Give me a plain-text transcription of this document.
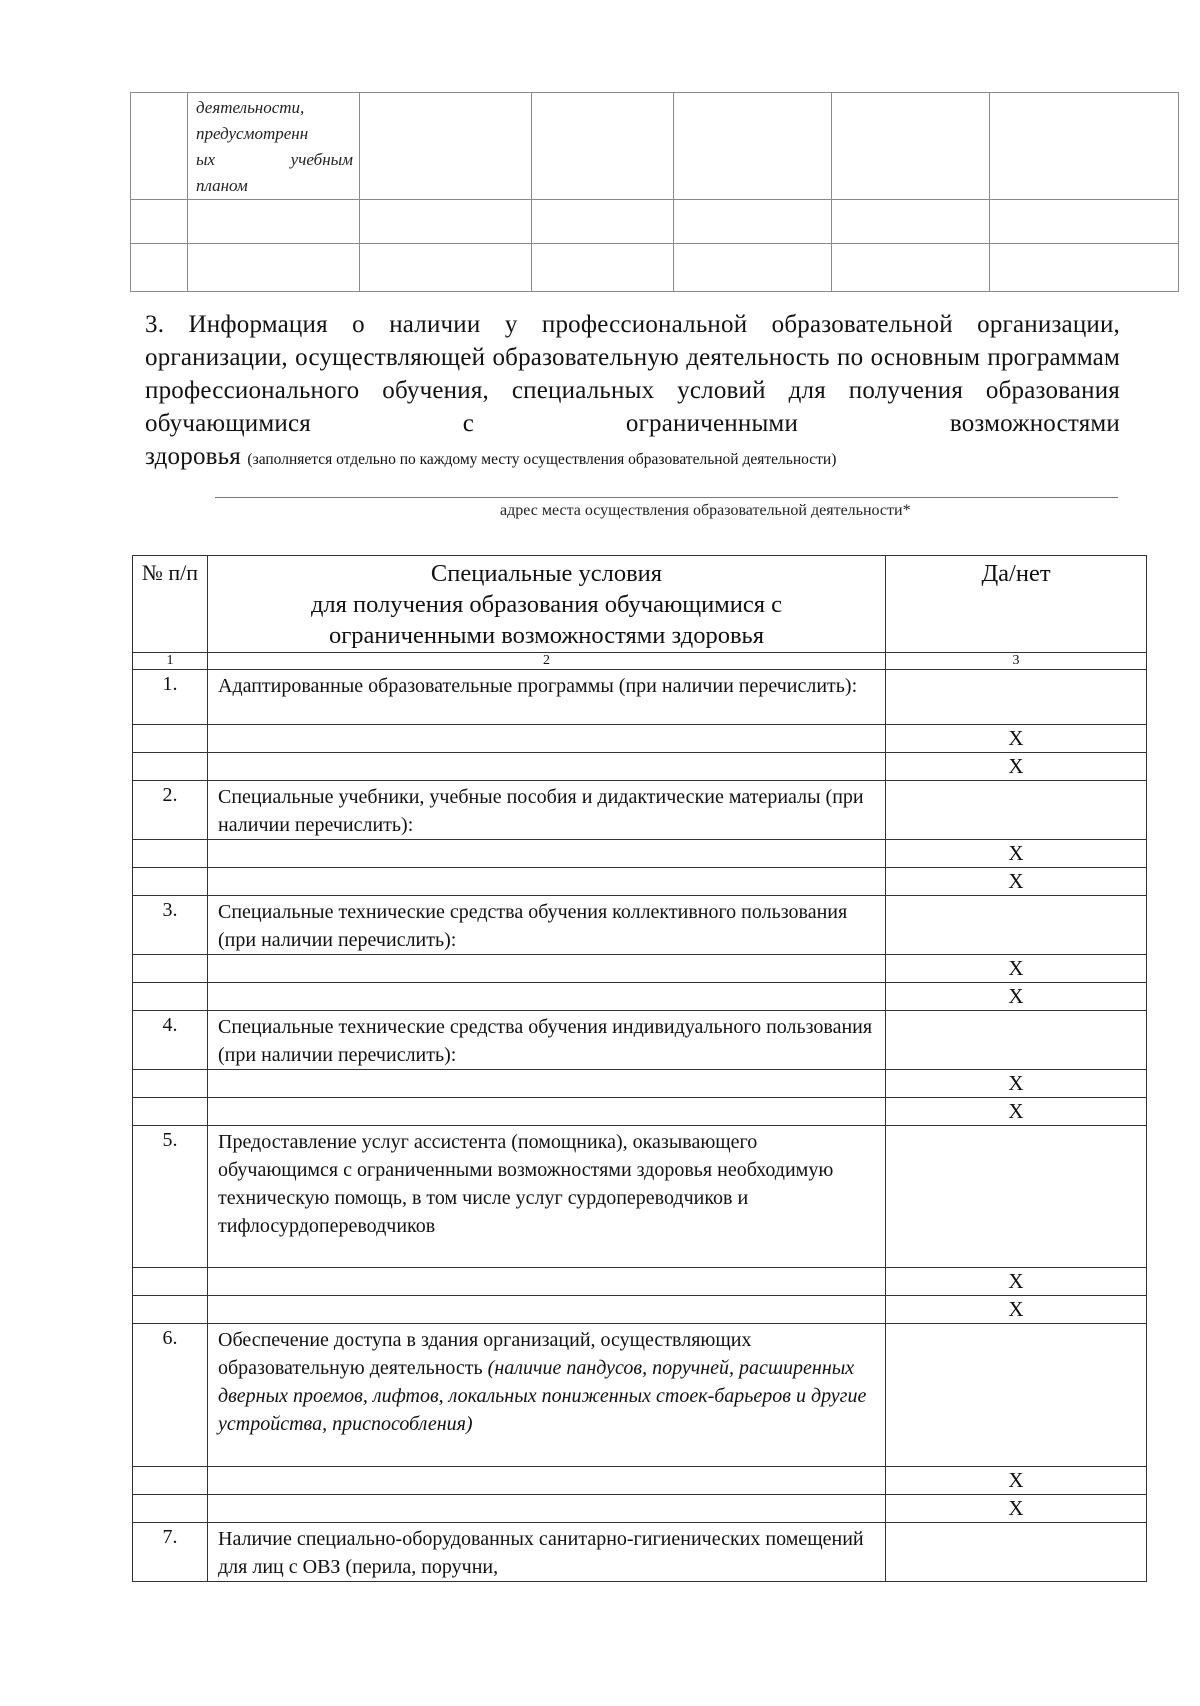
	деятельности,
предусмотренн
ых учебным
планом					

3. Информация о наличии у профессиональной образовательной организации, организации, осуществляющей образовательную деятельность по основным программам профессионального обучения, специальных условий для получения образования обучающимися с ограниченными возможностями
здоровья (заполняется отдельно по каждому месту осуществления образовательной деятельности)
адрес места осуществления образовательной деятельности*
№ п/п	Специальные условия
для получения образования обучающимися с
ограниченными возможностями здоровья	Да/нет
1	2	3
1.	Адаптированные образовательные программы (при наличии перечислить):	
		X
		X
2.	Специальные учебники, учебные пособия и дидактические материалы (при наличии перечислить):	
		X
		X
3.	Специальные технические средства обучения коллективного пользования (при наличии перечислить):	
		X
		X
4.	Специальные технические средства обучения индивидуального пользования (при наличии перечислить):	
		X
		X
5.	Предоставление услуг ассистента (помощника), оказывающего обучающимся с ограниченными возможностями здоровья необходимую техническую помощь, в том числе услуг сурдопереводчиков и тифлосурдопереводчиков	
		X
		X
6.	Обеспечение доступа в здания организаций, осуществляющих образовательную деятельность (наличие пандусов, поручней, расширенных дверных проемов, лифтов, локальных пониженных стоек-барьеров и другие устройства, приспособления)	
		X
		X
7.	Наличие специально-оборудованных санитарно-гигиенических помещений для лиц с ОВЗ (перила, поручни,	
